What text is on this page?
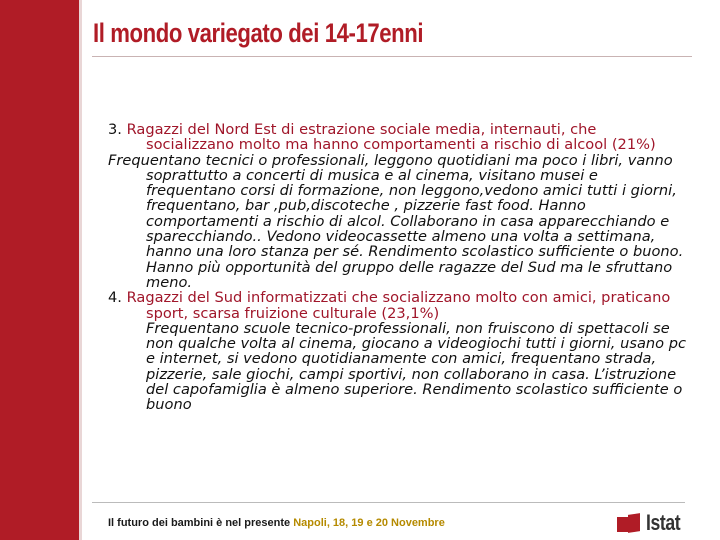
Il mondo variegato dei 14-17enni

3. Ragazzi del Nord Est di estrazione sociale media, internauti, che socializzano molto ma hanno comportamenti a rischio di alcool (21%)

Frequentano tecnici o professionali, leggono quotidiani ma poco i libri, vanno soprattutto a concerti di musica e al cinema, visitano musei e frequentano corsi di formazione, non leggono,vedono amici tutti i giorni, frequentano, bar ,pub,discoteche , pizzerie fast food. Hanno comportamenti a rischio di alcol. Collaborano in casa apparecchiando e sparecchiando.. Vedono videocassette almeno una volta a settimana, hanno una loro stanza per sé. Rendimento scolastico sufficiente o buono. Hanno più opportunità del gruppo delle ragazze del Sud ma le sfruttano meno.

4. Ragazzi del Sud informatizzati che socializzano molto con amici, praticano sport, scarsa fruizione culturale (23,1%)

Frequentano scuole tecnico-professionali, non fruiscono di spettacoli se non qualche volta al cinema, giocano a videogiochi tutti i giorni, usano pc e internet, si vedono quotidianamente con amici, frequentano strada, pizzerie, sale giochi, campi sportivi, non collaborano in casa. L’istruzione del capofamiglia è almeno superiore. Rendimento scolastico sufficiente o buono

Il futuro dei bambini è nel presente Napoli, 18, 19 e 20 Novembre	Istat
